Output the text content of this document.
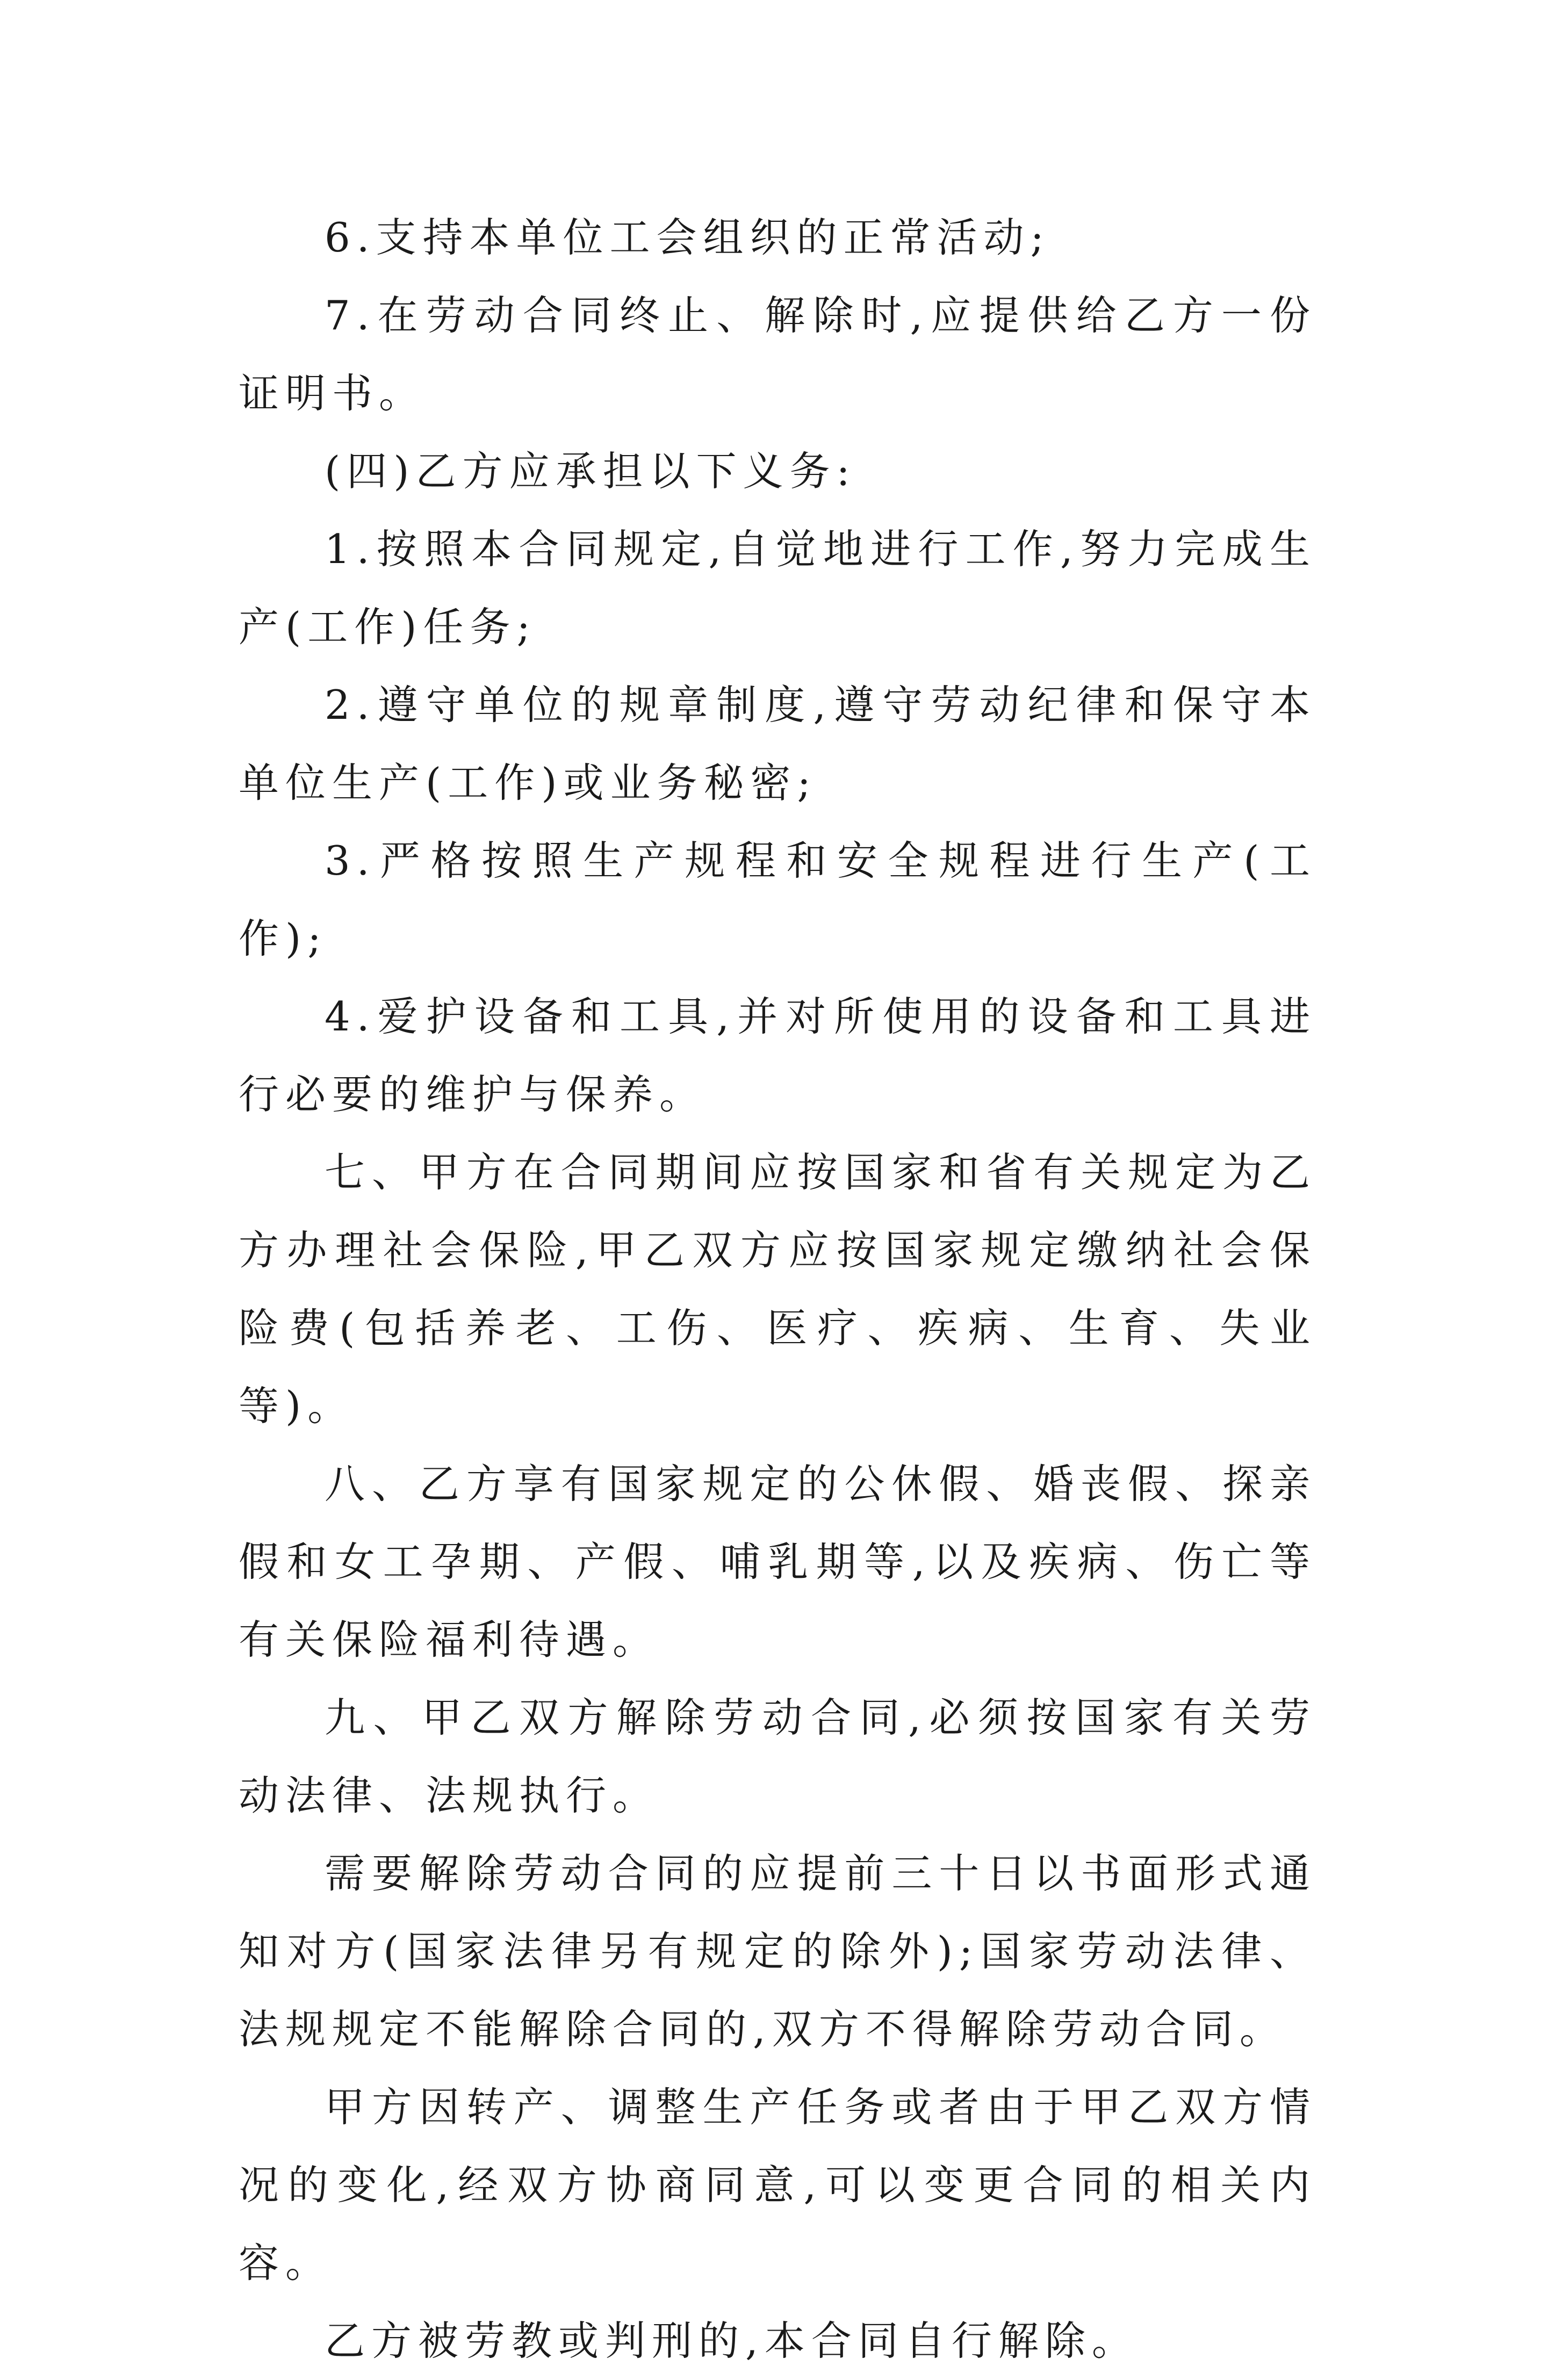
6.支持本单位工会组织的正常活动;

7.在劳动合同终止、解除时,应提供给乙方一份证明书。

(四)乙方应承担以下义务:

1.按照本合同规定,自觉地进行工作,努力完成生产(工作)任务;

2.遵守单位的规章制度,遵守劳动纪律和保守本单位生产(工作)或业务秘密;

3.严格按照生产规程和安全规程进行生产(工作);

4.爱护设备和工具,并对所使用的设备和工具进行必要的维护与保养。

七、甲方在合同期间应按国家和省有关规定为乙方办理社会保险,甲乙双方应按国家规定缴纳社会保险费(包括养老、工伤、医疗、疾病、生育、失业等)。

八、乙方享有国家规定的公休假、婚丧假、探亲假和女工孕期、产假、哺乳期等,以及疾病、伤亡等有关保险福利待遇。

九、甲乙双方解除劳动合同,必须按国家有关劳动法律、法规执行。

需要解除劳动合同的应提前三十日以书面形式通知对方(国家法律另有规定的除外);国家劳动法律、法规规定不能解除合同的,双方不得解除劳动合同。

甲方因转产、调整生产任务或者由于甲乙双方情况的变化,经双方协商同意,可以变更合同的相关内容。

乙方被劳教或判刑的,本合同自行解除。
